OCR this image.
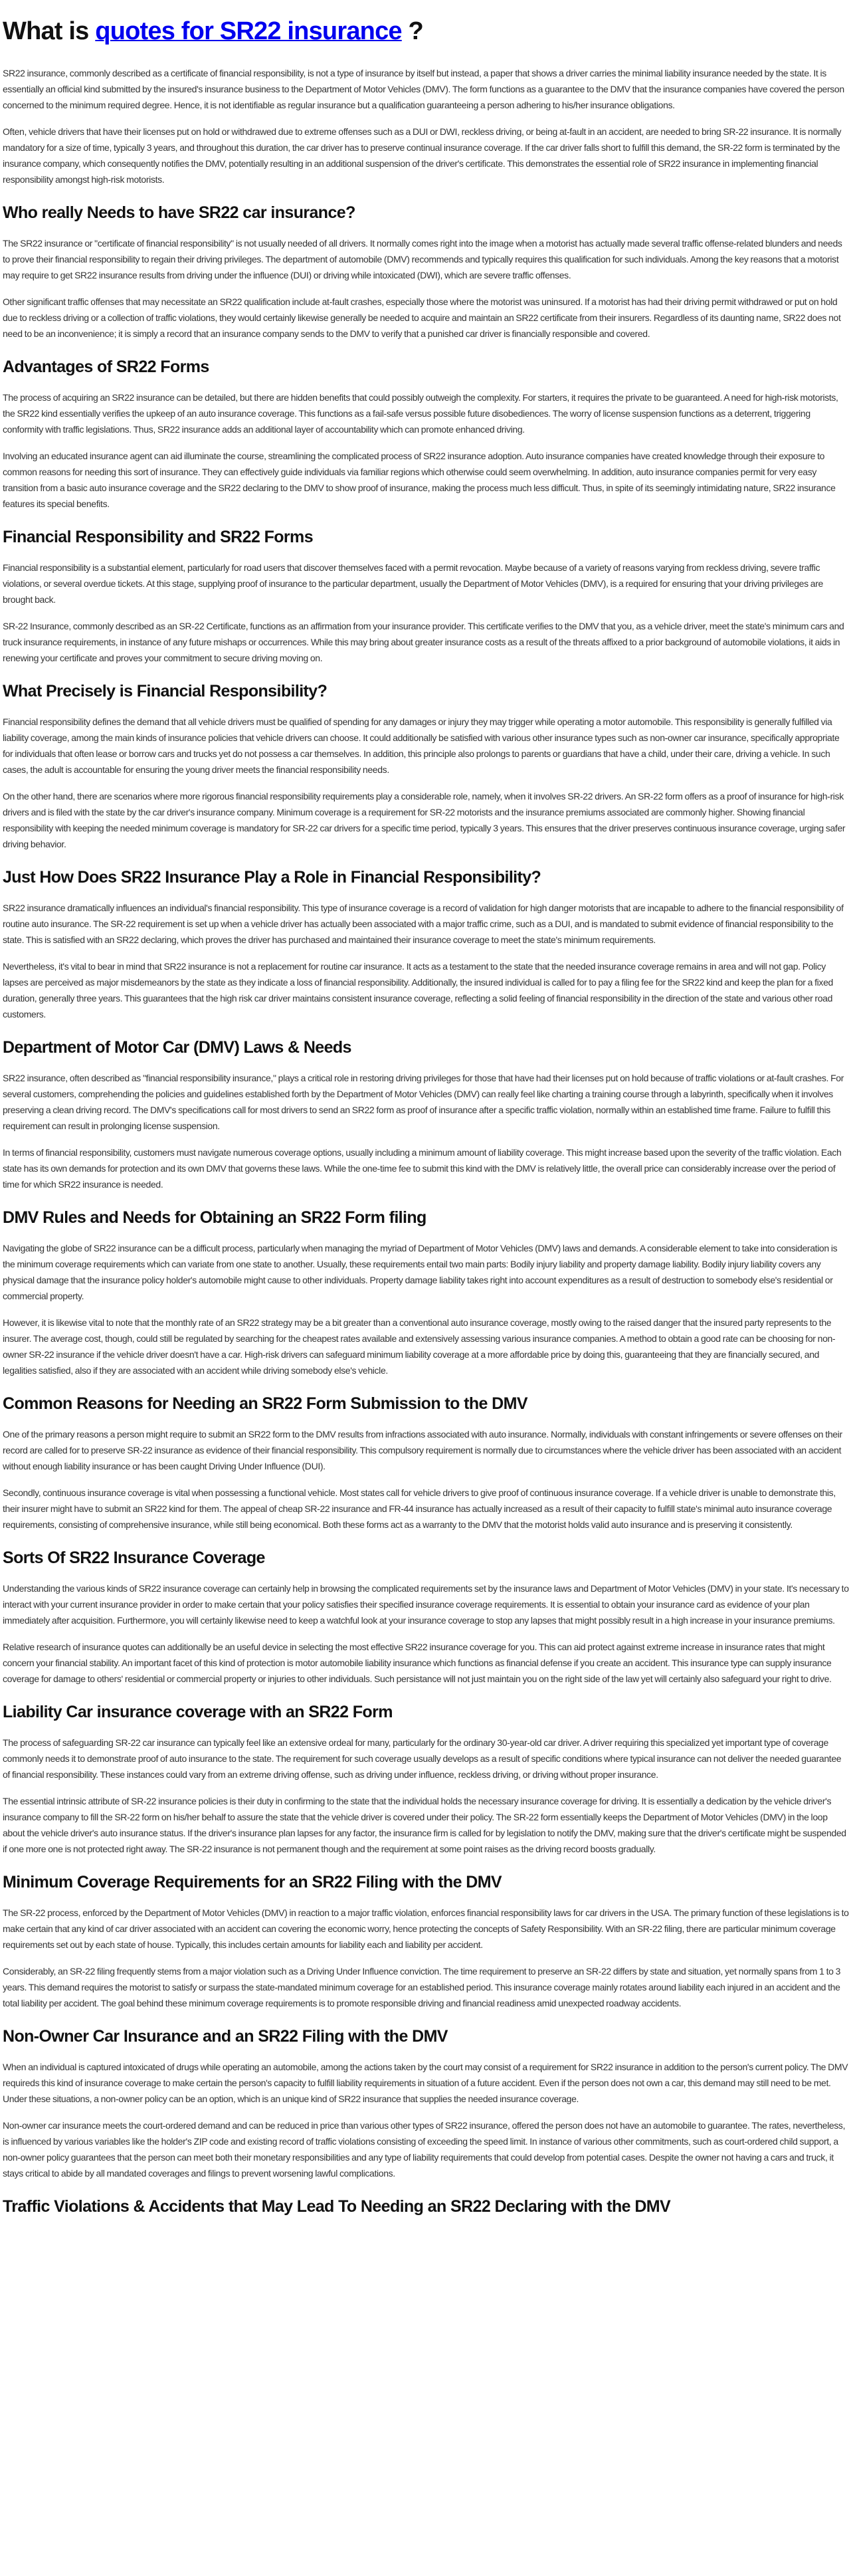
What is quotes for SR22 insurance ?

SR22 insurance, commonly described as a certificate of financial responsibility, is not a type of insurance by itself but instead, a paper that shows a driver carries the minimal liability insurance needed by the state. It is essentially an official kind submitted by the insured's insurance business to the Department of Motor Vehicles (DMV). The form functions as a guarantee to the DMV that the insurance companies have covered the person concerned to the minimum required degree. Hence, it is not identifiable as regular insurance but a qualification guaranteeing a person adhering to his/her insurance obligations.

Often, vehicle drivers that have their licenses put on hold or withdrawed due to extreme offenses such as a DUI or DWI, reckless driving, or being at-fault in an accident, are needed to bring SR-22 insurance. It is normally mandatory for a size of time, typically 3 years, and throughout this duration, the car driver has to preserve continual insurance coverage. If the car driver falls short to fulfill this demand, the SR-22 form is terminated by the insurance company, which consequently notifies the DMV, potentially resulting in an additional suspension of the driver's certificate. This demonstrates the essential role of SR22 insurance in implementing financial responsibility amongst high-risk motorists.

Who really Needs to have SR22 car insurance?

The SR22 insurance or "certificate of financial responsibility" is not usually needed of all drivers. It normally comes right into the image when a motorist has actually made several traffic offense-related blunders and needs to prove their financial responsibility to regain their driving privileges. The department of automobile (DMV) recommends and typically requires this qualification for such individuals. Among the key reasons that a motorist may require to get SR22 insurance results from driving under the influence (DUI) or driving while intoxicated (DWI), which are severe traffic offenses.

Other significant traffic offenses that may necessitate an SR22 qualification include at-fault crashes, especially those where the motorist was uninsured. If a motorist has had their driving permit withdrawed or put on hold due to reckless driving or a collection of traffic violations, they would certainly likewise generally be needed to acquire and maintain an SR22 certificate from their insurers. Regardless of its daunting name, SR22 does not need to be an inconvenience; it is simply a record that an insurance company sends to the DMV to verify that a punished car driver is financially responsible and covered.

Advantages of SR22 Forms

The process of acquiring an SR22 insurance can be detailed, but there are hidden benefits that could possibly outweigh the complexity. For starters, it requires the private to be guaranteed. A need for high-risk motorists, the SR22 kind essentially verifies the upkeep of an auto insurance coverage. This functions as a fail-safe versus possible future disobediences. The worry of license suspension functions as a deterrent, triggering conformity with traffic legislations. Thus, SR22 insurance adds an additional layer of accountability which can promote enhanced driving.

Involving an educated insurance agent can aid illuminate the course, streamlining the complicated process of SR22 insurance adoption. Auto insurance companies have created knowledge through their exposure to common reasons for needing this sort of insurance. They can effectively guide individuals via familiar regions which otherwise could seem overwhelming. In addition, auto insurance companies permit for very easy transition from a basic auto insurance coverage and the SR22 declaring to the DMV to show proof of insurance, making the process much less difficult. Thus, in spite of its seemingly intimidating nature, SR22 insurance features its special benefits.

Financial Responsibility and SR22 Forms

Financial responsibility is a substantial element, particularly for road users that discover themselves faced with a permit revocation. Maybe because of a variety of reasons varying from reckless driving, severe traffic violations, or several overdue tickets. At this stage, supplying proof of insurance to the particular department, usually the Department of Motor Vehicles (DMV), is a required for ensuring that your driving privileges are brought back.

SR-22 Insurance, commonly described as an SR-22 Certificate, functions as an affirmation from your insurance provider. This certificate verifies to the DMV that you, as a vehicle driver, meet the state's minimum cars and truck insurance requirements, in instance of any future mishaps or occurrences. While this may bring about greater insurance costs as a result of the threats affixed to a prior background of automobile violations, it aids in renewing your certificate and proves your commitment to secure driving moving on.

What Precisely is Financial Responsibility?

Financial responsibility defines the demand that all vehicle drivers must be qualified of spending for any damages or injury they may trigger while operating a motor automobile. This responsibility is generally fulfilled via liability coverage, among the main kinds of insurance policies that vehicle drivers can choose. It could additionally be satisfied with various other insurance types such as non-owner car insurance, specifically appropriate for individuals that often lease or borrow cars and trucks yet do not possess a car themselves. In addition, this principle also prolongs to parents or guardians that have a child, under their care, driving a vehicle. In such cases, the adult is accountable for ensuring the young driver meets the financial responsibility needs.

On the other hand, there are scenarios where more rigorous financial responsibility requirements play a considerable role, namely, when it involves SR-22 drivers. An SR-22 form offers as a proof of insurance for high-risk drivers and is filed with the state by the car driver's insurance company. Minimum coverage is a requirement for SR-22 motorists and the insurance premiums associated are commonly higher. Showing financial responsibility with keeping the needed minimum coverage is mandatory for SR-22 car drivers for a specific time period, typically 3 years. This ensures that the driver preserves continuous insurance coverage, urging safer driving behavior.

Just How Does SR22 Insurance Play a Role in Financial Responsibility?

SR22 insurance dramatically influences an individual's financial responsibility. This type of insurance coverage is a record of validation for high danger motorists that are incapable to adhere to the financial responsibility of routine auto insurance. The SR-22 requirement is set up when a vehicle driver has actually been associated with a major traffic crime, such as a DUI, and is mandated to submit evidence of financial responsibility to the state. This is satisfied with an SR22 declaring, which proves the driver has purchased and maintained their insurance coverage to meet the state's minimum requirements.

Nevertheless, it's vital to bear in mind that SR22 insurance is not a replacement for routine car insurance. It acts as a testament to the state that the needed insurance coverage remains in area and will not gap. Policy lapses are perceived as major misdemeanors by the state as they indicate a loss of financial responsibility. Additionally, the insured individual is called for to pay a filing fee for the SR22 kind and keep the plan for a fixed duration, generally three years. This guarantees that the high risk car driver maintains consistent insurance coverage, reflecting a solid feeling of financial responsibility in the direction of the state and various other road customers.

Department of Motor Car (DMV) Laws & Needs

SR22 insurance, often described as "financial responsibility insurance," plays a critical role in restoring driving privileges for those that have had their licenses put on hold because of traffic violations or at-fault crashes. For several customers, comprehending the policies and guidelines established forth by the Department of Motor Vehicles (DMV) can really feel like charting a training course through a labyrinth, specifically when it involves preserving a clean driving record. The DMV's specifications call for most drivers to send an SR22 form as proof of insurance after a specific traffic violation, normally within an established time frame. Failure to fulfill this requirement can result in prolonging license suspension.

In terms of financial responsibility, customers must navigate numerous coverage options, usually including a minimum amount of liability coverage. This might increase based upon the severity of the traffic violation. Each state has its own demands for protection and its own DMV that governs these laws. While the one-time fee to submit this kind with the DMV is relatively little, the overall price can considerably increase over the period of time for which SR22 insurance is needed.

DMV Rules and Needs for Obtaining an SR22 Form filing

Navigating the globe of SR22 insurance can be a difficult process, particularly when managing the myriad of Department of Motor Vehicles (DMV) laws and demands. A considerable element to take into consideration is the minimum coverage requirements which can variate from one state to another. Usually, these requirements entail two main parts: Bodily injury liability and property damage liability. Bodily injury liability covers any physical damage that the insurance policy holder's automobile might cause to other individuals. Property damage liability takes right into account expenditures as a result of destruction to somebody else's residential or commercial property.

However, it is likewise vital to note that the monthly rate of an SR22 strategy may be a bit greater than a conventional auto insurance coverage, mostly owing to the raised danger that the insured party represents to the insurer. The average cost, though, could still be regulated by searching for the cheapest rates available and extensively assessing various insurance companies. A method to obtain a good rate can be choosing for non-owner SR-22 insurance if the vehicle driver doesn't have a car. High-risk drivers can safeguard minimum liability coverage at a more affordable price by doing this, guaranteeing that they are financially secured, and legalities satisfied, also if they are associated with an accident while driving somebody else's vehicle.

Common Reasons for Needing an SR22 Form Submission to the DMV

One of the primary reasons a person might require to submit an SR22 form to the DMV results from infractions associated with auto insurance. Normally, individuals with constant infringements or severe offenses on their record are called for to preserve SR-22 insurance as evidence of their financial responsibility. This compulsory requirement is normally due to circumstances where the vehicle driver has been associated with an accident without enough liability insurance or has been caught Driving Under Influence (DUI).

Secondly, continuous insurance coverage is vital when possessing a functional vehicle. Most states call for vehicle drivers to give proof of continuous insurance coverage. If a vehicle driver is unable to demonstrate this, their insurer might have to submit an SR22 kind for them. The appeal of cheap SR-22 insurance and FR-44 insurance has actually increased as a result of their capacity to fulfill state's minimal auto insurance coverage requirements, consisting of comprehensive insurance, while still being economical. Both these forms act as a warranty to the DMV that the motorist holds valid auto insurance and is preserving it consistently.

Sorts Of SR22 Insurance Coverage

Understanding the various kinds of SR22 insurance coverage can certainly help in browsing the complicated requirements set by the insurance laws and Department of Motor Vehicles (DMV) in your state. It's necessary to interact with your current insurance provider in order to make certain that your policy satisfies their specified insurance coverage requirements. It is essential to obtain your insurance card as evidence of your plan immediately after acquisition. Furthermore, you will certainly likewise need to keep a watchful look at your insurance coverage to stop any lapses that might possibly result in a high increase in your insurance premiums.

Relative research of insurance quotes can additionally be an useful device in selecting the most effective SR22 insurance coverage for you. This can aid protect against extreme increase in insurance rates that might concern your financial stability. An important facet of this kind of protection is motor automobile liability insurance which functions as financial defense if you create an accident. This insurance type can supply insurance coverage for damage to others' residential or commercial property or injuries to other individuals. Such persistance will not just maintain you on the right side of the law yet will certainly also safeguard your right to drive.

Liability Car insurance coverage with an SR22 Form

The process of safeguarding SR-22 car insurance can typically feel like an extensive ordeal for many, particularly for the ordinary 30-year-old car driver. A driver requiring this specialized yet important type of coverage commonly needs it to demonstrate proof of auto insurance to the state. The requirement for such coverage usually develops as a result of specific conditions where typical insurance can not deliver the needed guarantee of financial responsibility. These instances could vary from an extreme driving offense, such as driving under influence, reckless driving, or driving without proper insurance.

The essential intrinsic attribute of SR-22 insurance policies is their duty in confirming to the state that the individual holds the necessary insurance coverage for driving. It is essentially a dedication by the vehicle driver's insurance company to fill the SR-22 form on his/her behalf to assure the state that the vehicle driver is covered under their policy. The SR-22 form essentially keeps the Department of Motor Vehicles (DMV) in the loop about the vehicle driver's auto insurance status. If the driver's insurance plan lapses for any factor, the insurance firm is called for by legislation to notify the DMV, making sure that the driver's certificate might be suspended if one more one is not protected right away. The SR-22 insurance is not permanent though and the requirement at some point raises as the driving record boosts gradually.

Minimum Coverage Requirements for an SR22 Filing with the DMV

The SR-22 process, enforced by the Department of Motor Vehicles (DMV) in reaction to a major traffic violation, enforces financial responsibility laws for car drivers in the USA. The primary function of these legislations is to make certain that any kind of car driver associated with an accident can covering the economic worry, hence protecting the concepts of Safety Responsibility. With an SR-22 filing, there are particular minimum coverage requirements set out by each state of house. Typically, this includes certain amounts for liability each and liability per accident.

Considerably, an SR-22 filing frequently stems from a major violation such as a Driving Under Influence conviction. The time requirement to preserve an SR-22 differs by state and situation, yet normally spans from 1 to 3 years. This demand requires the motorist to satisfy or surpass the state-mandated minimum coverage for an established period. This insurance coverage mainly rotates around liability each injured in an accident and the total liability per accident. The goal behind these minimum coverage requirements is to promote responsible driving and financial readiness amid unexpected roadway accidents.

Non-Owner Car Insurance and an SR22 Filing with the DMV

When an individual is captured intoxicated of drugs while operating an automobile, among the actions taken by the court may consist of a requirement for SR22 insurance in addition to the person's current policy. The DMV requireds this kind of insurance coverage to make certain the person's capacity to fulfill liability requirements in situation of a future accident. Even if the person does not own a car, this demand may still need to be met. Under these situations, a non-owner policy can be an option, which is an unique kind of SR22 insurance that supplies the needed insurance coverage.

Non-owner car insurance meets the court-ordered demand and can be reduced in price than various other types of SR22 insurance, offered the person does not have an automobile to guarantee. The rates, nevertheless, is influenced by various variables like the holder's ZIP code and existing record of traffic violations consisting of exceeding the speed limit. In instance of various other commitments, such as court-ordered child support, a non-owner policy guarantees that the person can meet both their monetary responsibilities and any type of liability requirements that could develop from potential cases. Despite the owner not having a cars and truck, it stays critical to abide by all mandated coverages and filings to prevent worsening lawful complications.

Traffic Violations & Accidents that May Lead To Needing an SR22 Declaring with the DMV
